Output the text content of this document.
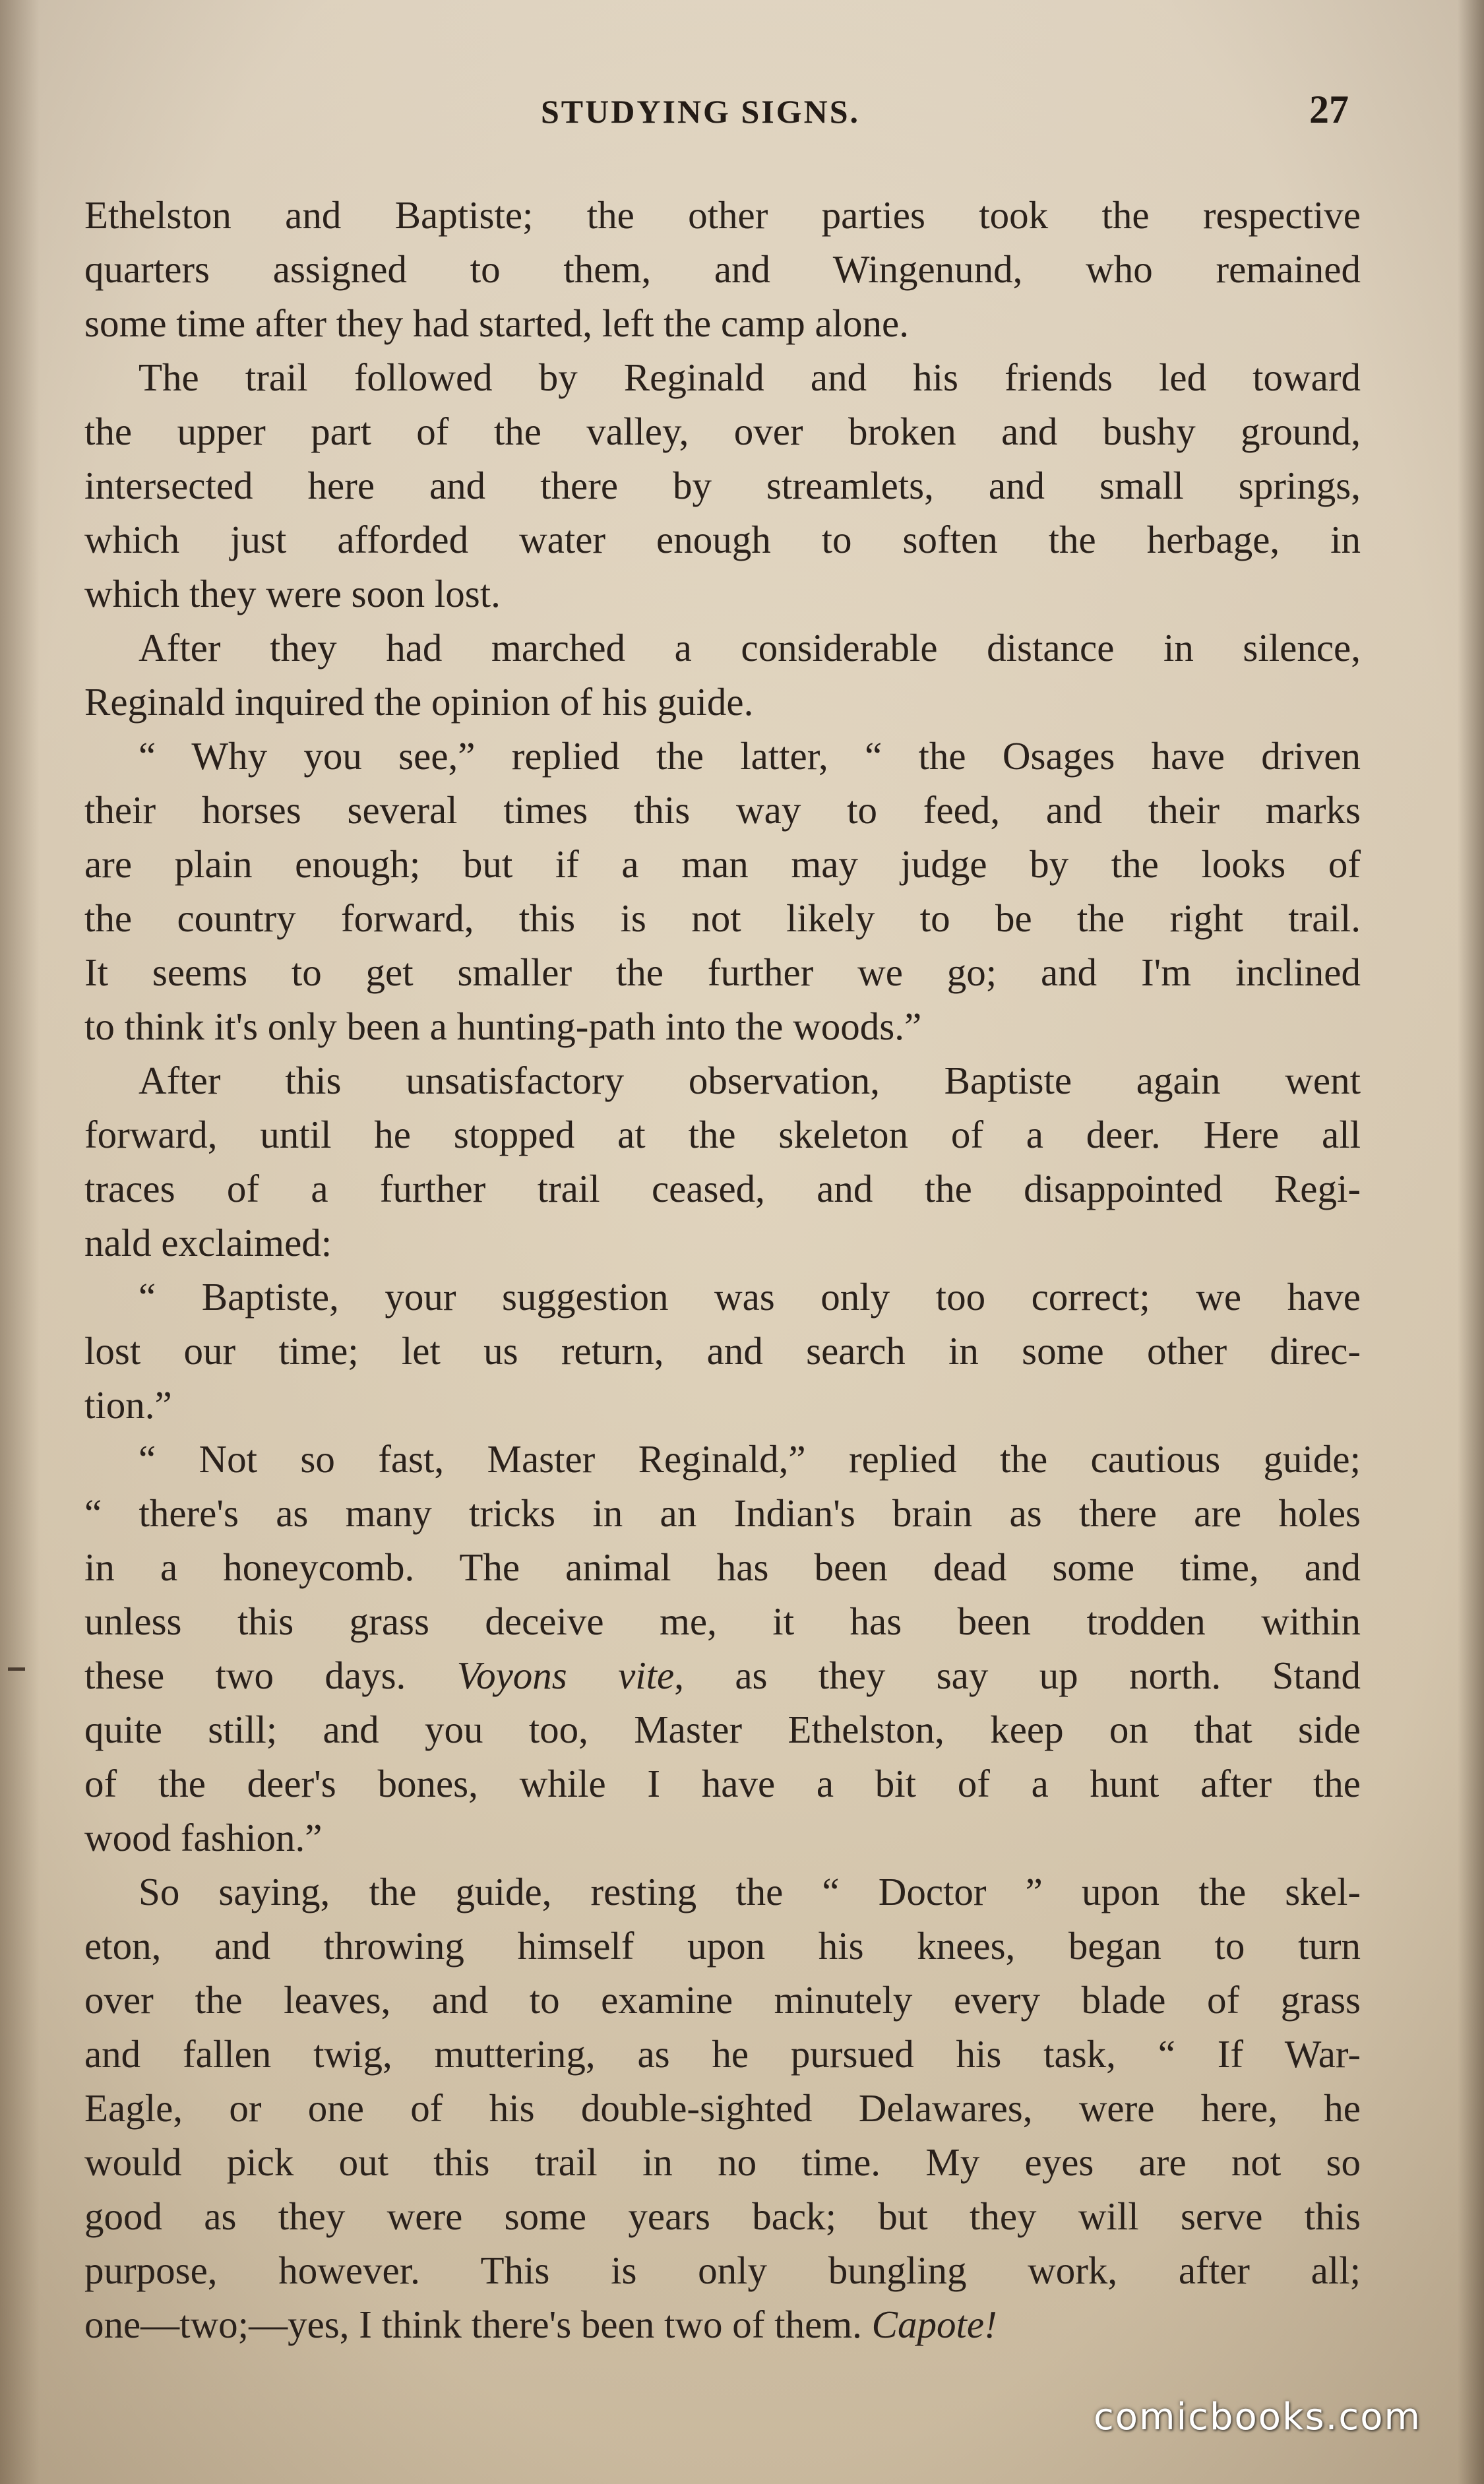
STUDYING SIGNS.	27
Ethelston and Baptiste; the other parties took the respective
quarters assigned to them, and Wingenund, who remained
some time after they had started, left the camp alone.
The trail followed by Reginald and his friends led toward
the upper part of the valley, over broken and bushy ground,
intersected here and there by streamlets, and small springs,
which just afforded water enough to soften the herbage, in
which they were soon lost.
After they had marched a considerable distance in silence,
Reginald inquired the opinion of his guide.
“ Why you see,” replied the latter, “ the Osages have driven
their horses several times this way to feed, and their marks
are plain enough; but if a man may judge by the looks of
the country forward, this is not likely to be the right trail.
It seems to get smaller the further we go; and I'm inclined
to think it's only been a hunting-path into the woods.”
After this unsatisfactory observation, Baptiste again went
forward, until he stopped at the skeleton of a deer. Here all
traces of a further trail ceased, and the disappointed Regi-
nald exclaimed:
“ Baptiste, your suggestion was only too correct; we have
lost our time; let us return, and search in some other direc-
tion.”
“ Not so fast, Master Reginald,” replied the cautious guide;
“ there's as many tricks in an Indian's brain as there are holes
in a honeycomb. The animal has been dead some time, and
unless this grass deceive me, it has been trodden within
these two days. Voyons vite, as they say up north. Stand
quite still; and you too, Master Ethelston, keep on that side
of the deer's bones, while I have a bit of a hunt after the
wood fashion.”
So saying, the guide, resting the “ Doctor ” upon the skel-
eton, and throwing himself upon his knees, began to turn
over the leaves, and to examine minutely every blade of grass
and fallen twig, muttering, as he pursued his task, “ If War-
Eagle, or one of his double-sighted Delawares, were here, he
would pick out this trail in no time. My eyes are not so
good as they were some years back; but they will serve this
purpose, however. This is only bungling work, after all;
one—two;—yes, I think there's been two of them. Capote!
comicbooks.com
